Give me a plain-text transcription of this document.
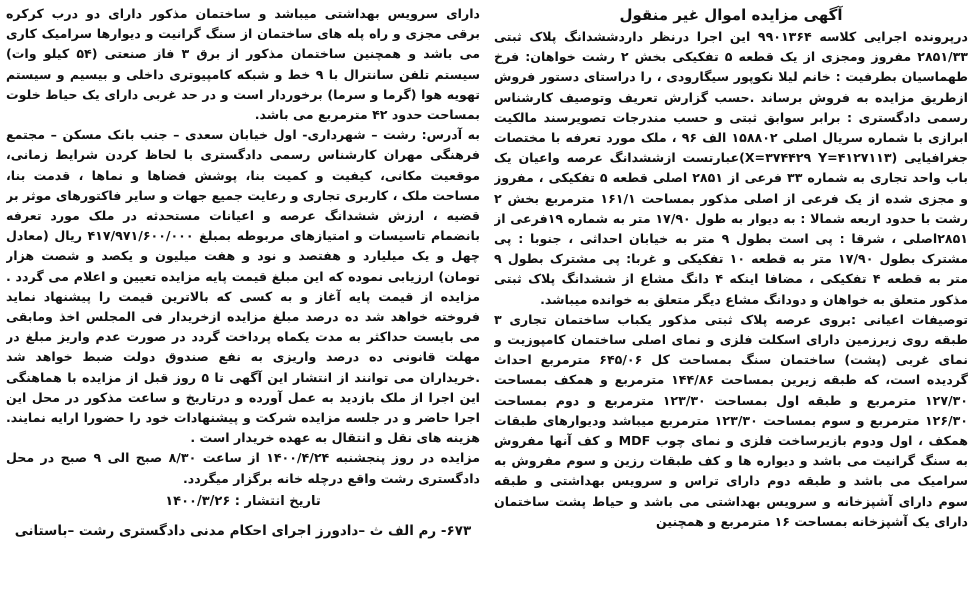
آگهی مزایده اموال غیر منقول

درپرونده اجرایی کلاسه ۹۹۰۱۳۶۴ این اجرا درنظر داردششدانگ پلاک ثبتی ۲۸۵۱/۳۳ مفروز ومجزی از یک قطعه ۵ تفکیکی بخش ۲ رشت خواهان: فرخ طهماسیان بطرفیت : خانم لیلا نکوپور سیگارودی ، را دراستای دستور فروش ازطریق مزایده به فروش برساند .حسب گزارش تعریف وتوصیف کارشناس رسمی دادگستری : برابر سوابق ثبتی و حسب مندرجات تصویرسند مالکیت ابرازی با شماره سریال اصلی ۱۵۸۸۰۲ الف ۹۶ ، ملک مورد تعرفه با مختصات جغرافیایی (X=۳۷۴۴۲۹ Y=۴۱۲۷۱۱۳)عبارتست ازششدانگ عرصه واعیان یک باب واحد تجاری به شماره ۳۳ فرعی از ۲۸۵۱ اصلی قطعه ۵ تفکیکی ، مفروز و مجزی شده از یک فرعی از اصلی مذکور بمساحت ۱۶۱/۱ مترمربع بخش ۲ رشت با حدود اربعه شمالا : به دیوار به طول ۱۷/۹۰ متر به شماره ۱۹فرعی از ۲۸۵۱اصلی ، شرقا : پی است بطول ۹ متر به خیابان احداثی ، جنوبا : پی مشترک بطول ۱۷/۹۰ متر به قطعه ۱۰ تفکیکی و غربا: پی مشترک بطول ۹ متر به قطعه ۴ تفکیکی ، مضافا اینکه ۴ دانگ مشاع از ششدانگ پلاک ثبتی مذکور متعلق به خواهان و دودانگ مشاع دیگر متعلق به خوانده میباشد.

توصیفات اعیانی :بروی عرصه پلاک ثبتی مذکور یکباب ساختمان تجاری ۳ طبقه روی زیرزمین دارای اسکلت فلزی و نمای اصلی ساختمان کامپوزیت و نمای غربی (پشت) ساختمان سنگ بمساحت کل ۶۴۵/۰۶ مترمربع احداث گردیده است، که طبقه زیرین بمساحت ۱۴۴/۸۶ مترمربع و همکف بمساحت ۱۲۷/۳۰ مترمربع و طبقه اول بمساحت ۱۲۳/۳۰ مترمربع و دوم بمساحت ۱۲۶/۳۰ مترمربع و سوم بمساحت ۱۲۳/۳۰ مترمربع میباشد ودیوارهای طبقات همکف ، اول ودوم بازیرساخت فلزی و نمای چوب MDF و کف آنها مفروش به سنگ گرانیت می باشد و دیواره ها و کف طبقات رزین و سوم مفروش به سرامیک می باشد و طبقه دوم دارای تراس و سرویس بهداشتی و طبقه سوم دارای آشپزخانه و سرویس بهداشتی می باشد و حیاط پشت ساختمان دارای یک آشپزخانه بمساحت ۱۶ مترمربع و همچنین

دارای سرویس بهداشتی میباشد و ساختمان مذکور دارای دو درب کرکره برقی مجزی و راه پله های ساختمان از سنگ گرانیت و دیوارها سرامیک کاری می باشد و همچنین ساختمان مذکور از برق ۳ فاز صنعتی (۵۴ کیلو وات) سیستم تلفن سانترال با ۹ خط و شبکه کامپیوتری داخلی و بیسیم و سیستم تهویه هوا (گرما و سرما) برخوردار است و در حد غربی دارای یک حیاط خلوت بمساحت حدود ۴۲ مترمربع می باشد.

به آدرس: رشت – شهرداری- اول خیابان سعدی – جنب بانک مسکن – مجتمع فرهنگی مهران کارشناس رسمی دادگستری با لحاظ کردن شرایط زمانی، موقعیت مکانی، کیفیت و کمیت بنا، پوشش فضاها و نماها ، قدمت بنا، مساحت ملک ، کاربری تجاری و رعایت جمیع جهات و سایر فاکتورهای موثر بر قضیه ، ارزش ششدانگ عرصه و اعیانات مستحدثه در ملک مورد تعرفه بانضمام تاسیسات و امتیازهای مربوطه بمبلغ ۴۱۷/۹۷۱/۶۰۰/۰۰۰ ریال (معادل چهل و یک میلیارد و هفتصد و نود و هفت میلیون و یکصد و شصت هزار تومان) ارزیابی نموده که این مبلغ قیمت پایه مزایده تعیین و اعلام می گردد . مزایده از قیمت پایه آغاز و به کسی که بالاترین قیمت را پیشنهاد نماید فروخته خواهد شد ده درصد مبلغ مزایده ازخریدار فی المجلس اخذ ومابقی می بایست حداکثر به مدت یکماه پرداخت گردد در صورت عدم واریز مبلغ در مهلت قانونی ده درصد واریزی به نفع صندوق دولت ضبط خواهد شد .خریداران می توانند از انتشار این آگهی تا ۵ روز قبل از مزایده با هماهنگی این اجرا از ملک بازدید به عمل آورده و درتاریخ و ساعت مذکور در محل این اجرا حاضر و در جلسه مزایده شرکت و پیشنهادات خود را حضورا ارایه نمایند. هزینه های نقل و انتقال به عهده خریدار است .

مزایده در روز پنجشنبه ۱۴۰۰/۴/۲۴ از ساعت ۸/۳۰ صبح الی ۹ صبح در محل دادگستری رشت واقع درچله خانه برگزار میگردد.

تاریخ انتشار : ۱۴۰۰/۳/۲۶
۶۷۳- رم الف ث –دادورز اجرای احکام مدنی دادگستری رشت –باستانی
